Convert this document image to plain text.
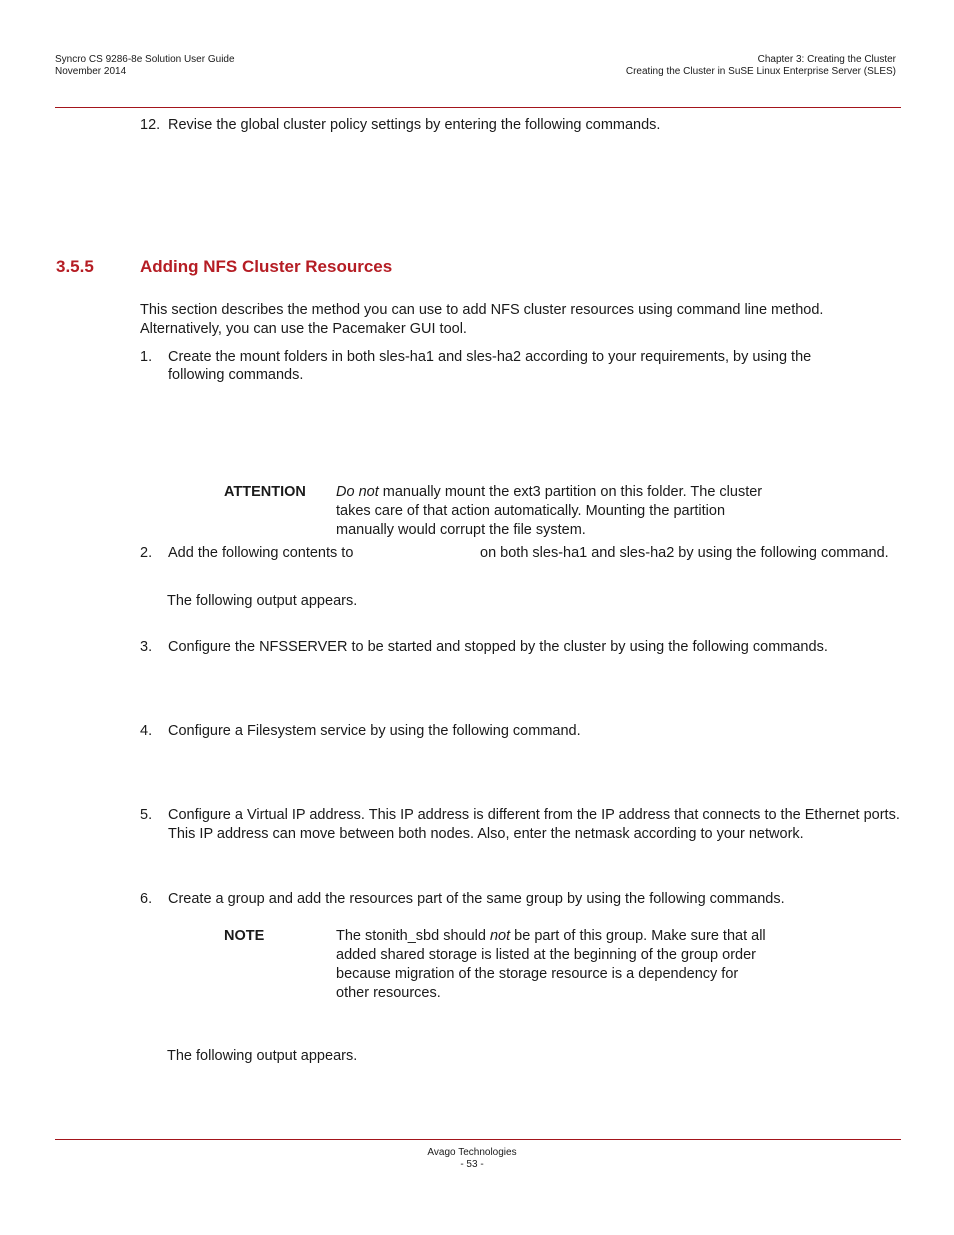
Syncro CS 9286-8e Solution User Guide
November 2014
Chapter 3: Creating the Cluster
Creating the Cluster in SuSE Linux Enterprise Server (SLES)
12. Revise the global cluster policy settings by entering the following commands.
3.5.5	Adding NFS Cluster Resources
This section describes the method you can use to add NFS cluster resources using command line method.
Alternatively, you can use the Pacemaker GUI tool.
1. Create the mount folders in both sles-ha1 and sles-ha2 according to your requirements, by using the
following commands.
ATTENTION Do not manually mount the ext3 partition on this folder. The cluster
takes care of that action automatically. Mounting the partition
manually would corrupt the file system.
2. Add the following contents to	on both sles-ha1 and sles-ha2 by using the following command.
The following output appears.
3. Configure the NFSSERVER to be started and stopped by the cluster by using the following commands.
4. Configure a Filesystem service by using the following command.
5. Configure a Virtual IP address. This IP address is different from the IP address that connects to the Ethernet ports.
This IP address can move between both nodes. Also, enter the netmask according to your network.
6. Create a group and add the resources part of the same group by using the following commands.
NOTE	The stonith_sbd should not be part of this group. Make sure that all
added shared storage is listed at the beginning of the group order
because migration of the storage resource is a dependency for
other resources.
The following output appears.
Avago Technologies
- 53 -
